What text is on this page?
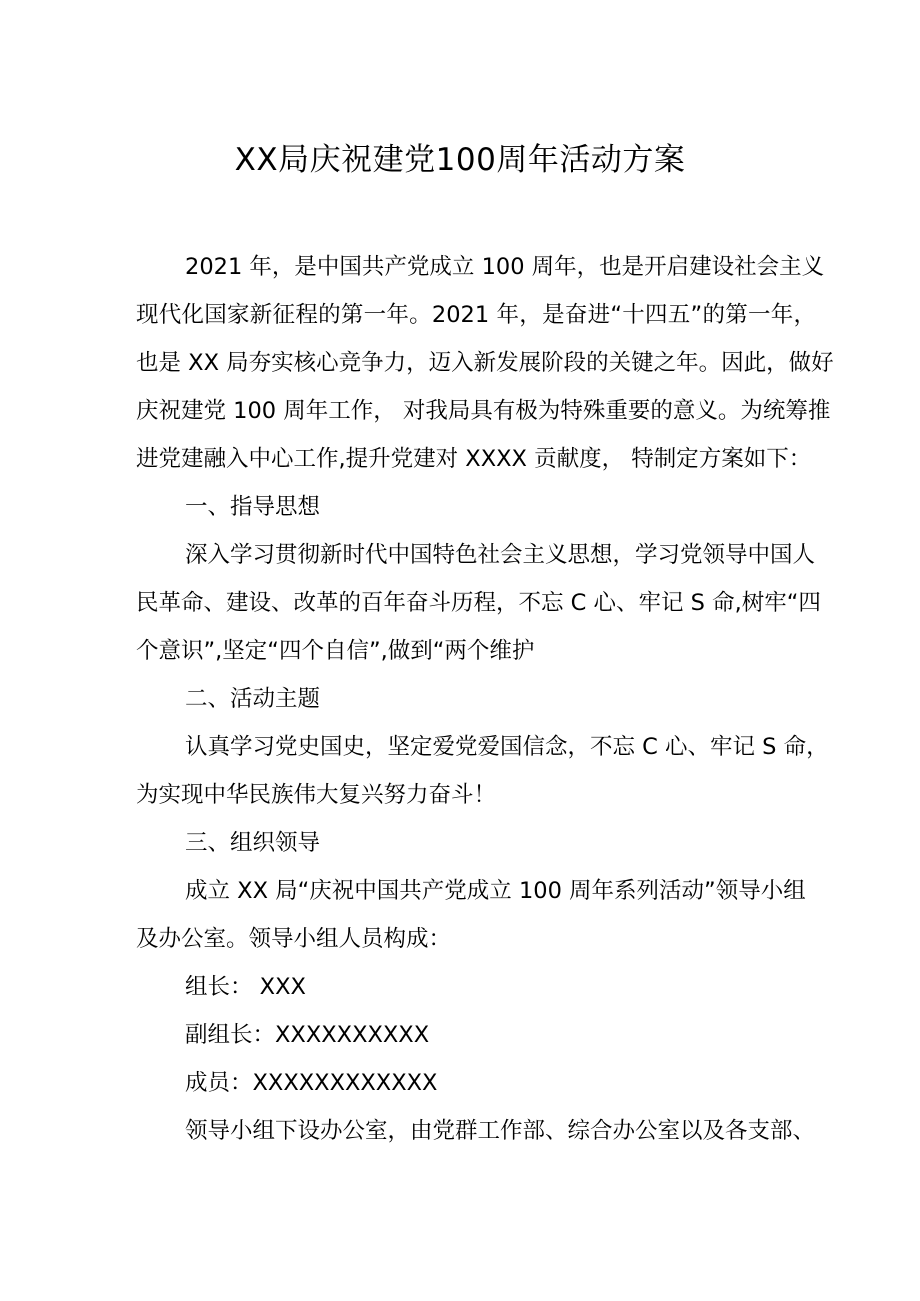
XX局庆祝建党100周年活动方案
2021 年，是中国共产党成立 100 周年，也是开启建设社会主义
现代化国家新征程的第一年。2021 年，是奋进“十四五”的第一年，
也是 XX 局夯实核心竞争力，迈入新发展阶段的关键之年。因此，做好
庆祝建党 100 周年工作， 对我局具有极为特殊重要的意义。为统筹推
进党建融入中心工作,提升党建对 XXXX 贡献度， 特制定方案如下：
一、指导思想
深入学习贯彻新时代中国特色社会主义思想，学习党领导中国人
民革命、建设、改革的百年奋斗历程，不忘 C 心、牢记 S 命,树牢“四
个意识”,坚定“四个自信”,做到“两个维护
二、活动主题
认真学习党史国史，坚定爱党爱国信念，不忘 C 心、牢记 S 命，
为实现中华民族伟大复兴努力奋斗！
三、组织领导
成立 XX 局“庆祝中国共产党成立 100 周年系列活动”领导小组
及办公室。领导小组人员构成：
组长： XXX
副组长：XXXXXXXXXX
成员：XXXXXXXXXXXX
领导小组下设办公室，由党群工作部、综合办公室以及各支部、
